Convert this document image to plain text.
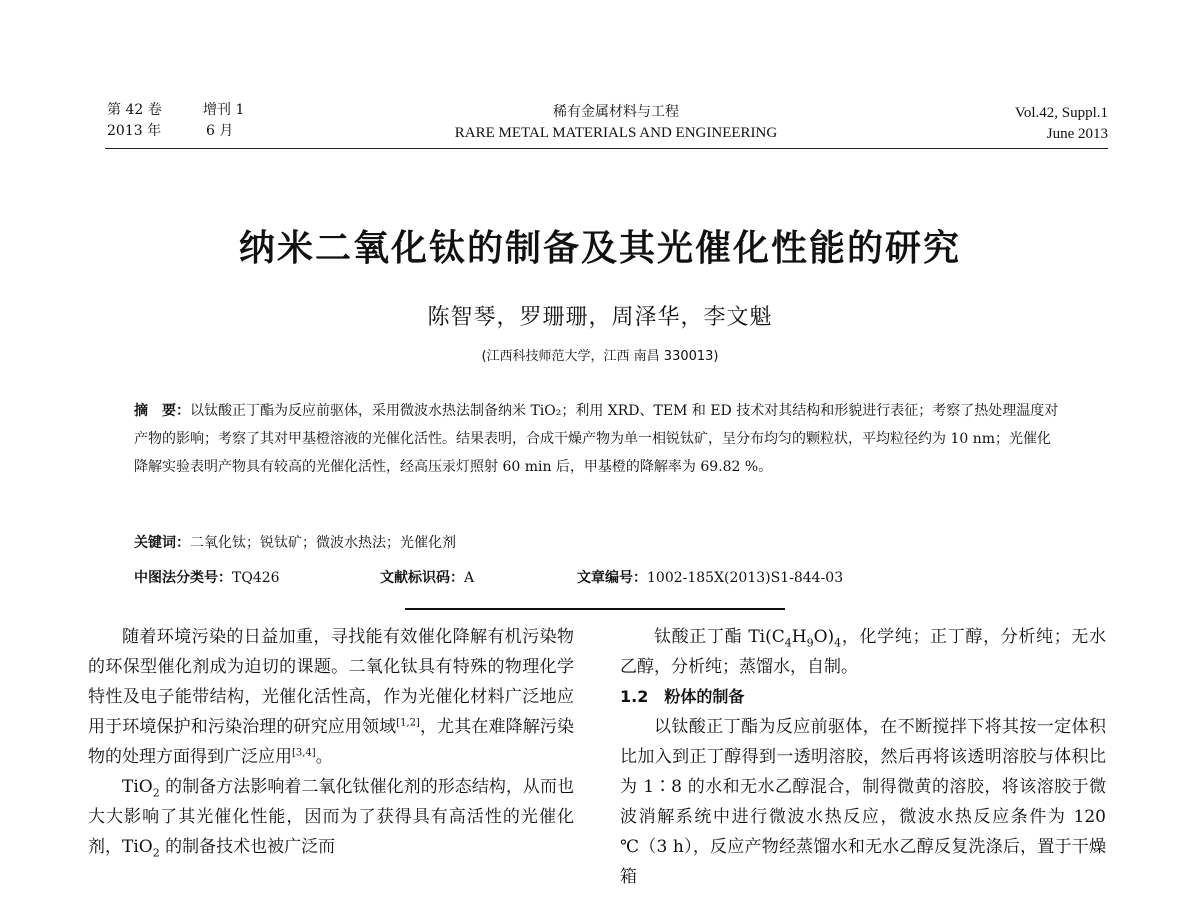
第 42 卷	增刊 1
2013 年	6 月
稀有金属材料与工程
RARE METAL MATERIALS AND ENGINEERING
Vol.42, Suppl.1
June 2013
纳米二氧化钛的制备及其光催化性能的研究
陈智琴，罗珊珊，周泽华，李文魁
(江西科技师范大学，江西 南昌 330013)
摘　要：以钛酸正丁酯为反应前驱体，采用微波水热法制备纳米 TiO₂；利用 XRD、TEM 和 ED 技术对其结构和形貌进行表征；考察了热处理温度对产物的影响；考察了其对甲基橙溶液的光催化活性。结果表明，合成干燥产物为单一相锐钛矿，呈分布均匀的颗粒状，平均粒径约为 10 nm；光催化降解实验表明产物具有较高的光催化活性，经高压汞灯照射 60 min 后，甲基橙的降解率为 69.82 %。
关键词：二氧化钛；锐钛矿；微波水热法；光催化剂
中图法分类号：TQ426	文献标识码：A	文章编号：1002-185X(2013)S1-844-03

随着环境污染的日益加重，寻找能有效催化降解有机污染物的环保型催化剂成为迫切的课题。二氧化钛具有特殊的物理化学特性及电子能带结构，光催化活性高，作为光催化材料广泛地应用于环境保护和污染治理的研究应用领域[1,2]，尤其在难降解污染物的处理方面得到广泛应用[3,4]。

TiO$_2$ 的制备方法影响着二氧化钛催化剂的形态结构，从而也大大影响了其光催化性能，因而为了获得具有高活性的光催化剂，TiO$_2$ 的制备技术也被广泛而

钛酸正丁酯 $Ti(C_4H_9O)_4$，化学纯；正丁醇，分析纯；无水乙醇，分析纯；蒸馏水，自制。

1.2　粉体的制备

以钛酸正丁酯为反应前驱体，在不断搅拌下将其按一定体积比加入到正丁醇得到一透明溶胶，然后再将该透明溶胶与体积比为 1∶8 的水和无水乙醇混合，制得微黄的溶胶，将该溶胶于微波消解系统中进行微波水热反应，微波水热反应条件为 120 ℃（3 h），反应产物经蒸馏水和无水乙醇反复洗涤后，置于干燥箱
